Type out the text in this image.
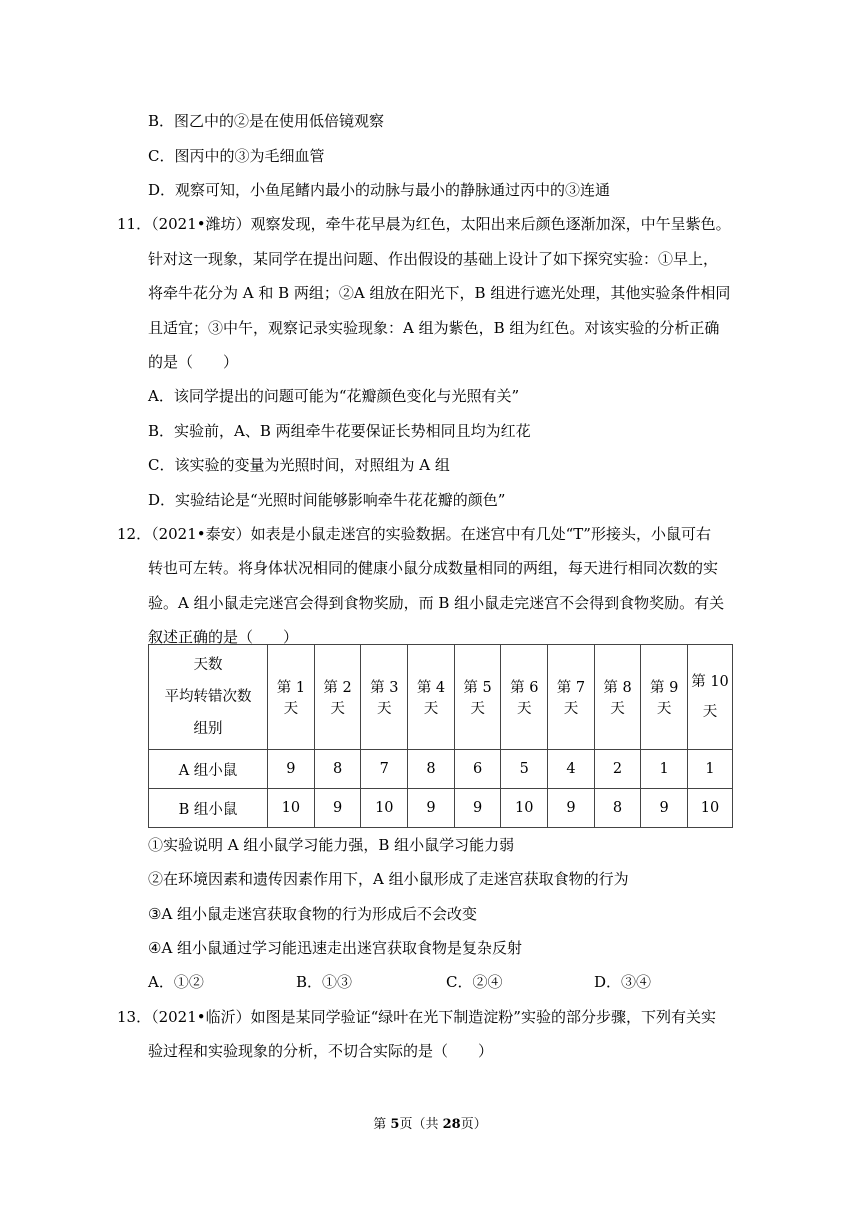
B．图乙中的②是在使用低倍镜观察
C．图丙中的③为毛细血管
D．观察可知，小鱼尾鳍内最小的动脉与最小的静脉通过丙中的③连通
11．（2021•潍坊）观察发现，牵牛花早晨为红色，太阳出来后颜色逐渐加深，中午呈紫色。
针对这一现象，某同学在提出问题、作出假设的基础上设计了如下探究实验：①早上，
将牵牛花分为 A 和 B 两组；②A 组放在阳光下，B 组进行遮光处理，其他实验条件相同
且适宜；③中午，观察记录实验现象：A 组为紫色，B 组为红色。对该实验的分析正确
的是（　　）
A．该同学提出的问题可能为“花瓣颜色变化与光照有关”
B．实验前，A、B 两组牵牛花要保证长势相同且均为红花
C．该实验的变量为光照时间，对照组为 A 组
D．实验结论是“光照时间能够影响牵牛花花瓣的颜色”
12．（2021•泰安）如表是小鼠走迷宫的实验数据。在迷宫中有几处“T”形接头，小鼠可右
转也可左转。将身体状况相同的健康小鼠分成数量相同的两组，每天进行相同次数的实
验。A 组小鼠走完迷宫会得到食物奖励，而 B 组小鼠走完迷宫不会得到食物奖励。有关
叙述正确的是（　　）
天数
平均转错次数
组别	第 1 天	第 2 天	第 3 天	第 4 天	第 5 天	第 6 天	第 7 天	第 8 天	第 9 天	第 10 天
A 组小鼠	9	8	7	8	6	5	4	2	1	1
B 组小鼠	10	9	10	9	9	10	9	8	9	10
①实验说明 A 组小鼠学习能力强，B 组小鼠学习能力弱
②在环境因素和遗传因素作用下，A 组小鼠形成了走迷宫获取食物的行为
③A 组小鼠走迷宫获取食物的行为形成后不会改变
④A 组小鼠通过学习能迅速走出迷宫获取食物是复杂反射
A．①②	B．①③	C．②④	D．③④
13．（2021•临沂）如图是某同学验证“绿叶在光下制造淀粉”实验的部分步骤，下列有关实
验过程和实验现象的分析，不切合实际的是（　　）
第 5页（共 28页）
